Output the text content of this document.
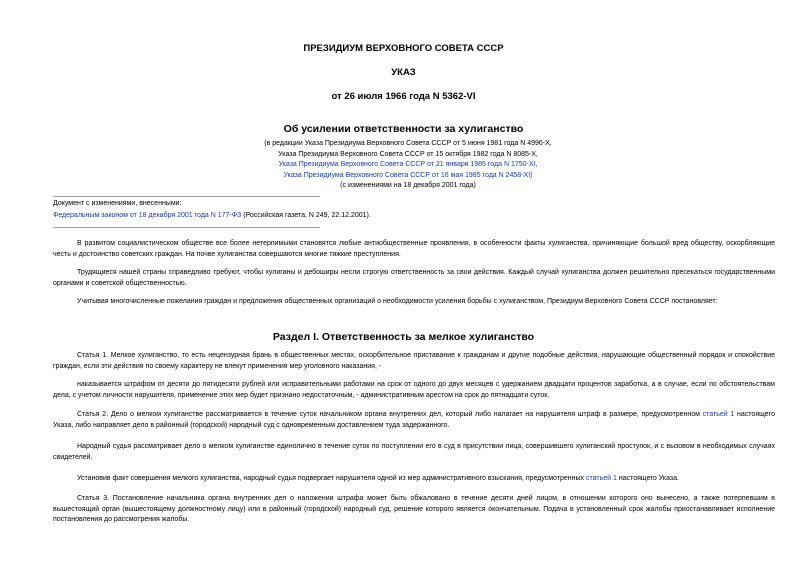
ПРЕЗИДИУМ ВЕРХОВНОГО СОВЕТА СССР
УКАЗ
от 26 июля 1966 года N 5362-VI
Об усилении ответственности за хулиганство
(в редакции Указа Президиума Верховного Совета СССР от 5 июня 1981 года N 4996-X,
Указа Президиума Верховного Совета СССР от 15 октября 1982 года N 8085-X,
Указа Президиума Верховного Совета СССР от 21 января 1985 года N 1750-XI,
Указа Президиума Верховного Совета СССР от 16 мая 1985 года N 2458-XI)
(с изменениями на 18 декабря 2001 года)
Документ с изменениями, внесенными:
Федеральным законом от 18 декабря 2001 года N 177-ФЗ (Российская газета, N 249, 22.12.2001).
В развитом социалистическом обществе все более нетерпимыми становятся любые антиобщественные проявления, в особенности факты хулиганства, причиняющие большой вред обществу, оскорбляющие честь и достоинство советских граждан. На почве хулиганства совершаются многие тяжкие преступления.
Трудящиеся нашей страны справедливо требуют, чтобы хулиганы и дебоширы несли строгую ответственность за свои действия. Каждый случай хулиганства должен решительно пресекаться государственными органами и советской общественностью.
Учитывая многочисленные пожелания граждан и предложения общественных организаций о необходимости усиления борьбы с хулиганством, Президиум Верховного Совета СССР постановляет:
Раздел I. Ответственность за мелкое хулиганство
Статья 1. Мелкое хулиганство, то есть нецензурная брань в общественных местах, оскорбительное приставание к гражданам и другие подобные действия, нарушающие общественный порядок и спокойствие граждан, если эти действия по своему характеру не влекут применения мер уголовного наказания, -
наказывается штрафом от десяти до пятидесяти рублей или исправительными работами на срок от одного до двух месяцев с удержанием двадцати процентов заработка, а в случае, если по обстоятельствам дела, с учетом личности нарушителя, применение этих мер будет признано недостаточным, - административным арестом на срок до пятнадцати суток.
Статья 2. Дело о мелком хулиганстве рассматривается в течение суток начальником органа внутренних дел, который либо налагает на нарушителя штраф в размере, предусмотренном статьей 1 настоящего Указа, либо направляет дело в районный (городской) народный суд с одновременным доставлением туда задержанного.
Народный судья рассматривает дело о мелком хулиганстве единолично в течение суток по поступлении его в суд в присутствии лица, совершившего хулиганский проступок, и с вызовом в необходимых случаях свидетелей.
Установив факт совершения мелкого хулиганства, народный судья подвергает нарушителя одной из мер административного взыскания, предусмотренных статьей 1 настоящего Указа.
Статья 3. Постановление начальника органа внутренних дел о наложении штрафа может быть обжаловано в течение десяти дней лицом, в отношении которого оно вынесено, а также потерпевшим в вышестоящий орган (вышестоящему должностному лицу) или в районный (городской) народный суд, решение которого является окончательным. Подача в установленный срок жалобы приостанавливает исполнение постановления до рассмотрения жалобы.
